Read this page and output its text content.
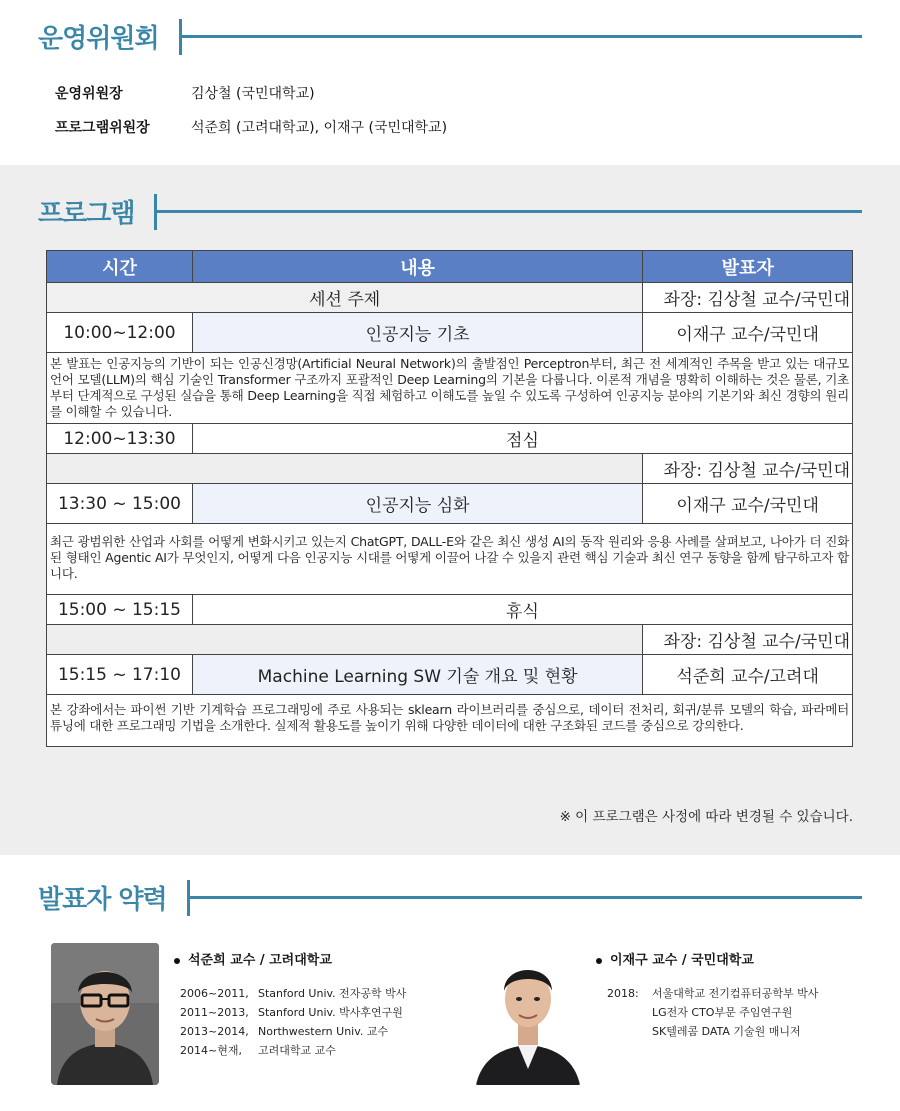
운영위원회
운영위원장	김상철 (국민대학교)
프로그램위원장	석준희 (고려대학교), 이재구 (국민대학교)
프로그램
시간	내용	발표자
세션 주제		좌장: 김상철 교수/국민대
10:00~12:00	인공지능 기초	이재구 교수/국민대
본 발표는 인공지능의 기반이 되는 인공신경망(Artificial Neural Network)의 출발점인 Perceptron부터, 최근 전 세계적인 주목을 받고 있는 대규모 언어 모델(LLM)의 핵심 기술인 Transformer 구조까지 포괄적인 Deep Learning의 기본을 다룹니다. 이론적 개념을 명확히 이해하는 것은 물론, 기초부터 단계적으로 구성된 실습을 통해 Deep Learning을 직접 체험하고 이해도를 높일 수 있도록 구성하여 인공지능 분야의 기본기와 최신 경향의 원리를 이해할 수 있습니다.		
12:00~13:30	점심	
		좌장: 김상철 교수/국민대
13:30 ~ 15:00	인공지능 심화	이재구 교수/국민대
최근 광범위한 산업과 사회를 어떻게 변화시키고 있는지 ChatGPT, DALL-E와 같은 최신 생성 AI의 동작 원리와 응용 사례를 살펴보고, 나아가 더 진화된 형태인 Agentic AI가 무엇인지, 어떻게 다음 인공지능 시대를 어떻게 이끌어 나갈 수 있을지 관련 핵심 기술과 최신 연구 동향을 함께 탐구하고자 합니다.		
15:00 ~ 15:15	휴식	
		좌장: 김상철 교수/국민대
15:15 ~ 17:10	Machine Learning SW 기술 개요 및 현황	석준희 교수/고려대
본 강좌에서는 파이썬 기반 기계학습 프로그래밍에 주로 사용되는 sklearn 라이브러리를 중심으로, 데이터 전처리, 회귀/분류 모델의 학습, 파라메터 튜닝에 대한 프로그래밍 기법을 소개한다. 실제적 활용도를 높이기 위해 다양한 데이터에 대한 구조화된 코드를 중심으로 강의한다.		
※ 이 프로그램은 사정에 따라 변경될 수 있습니다.
발표자 약력
석준희 교수 / 고려대학교
2006~2011, Stanford Univ. 전자공학 박사
2011~2013, Stanford Univ. 박사후연구원
2013~2014, Northwestern Univ. 교수
2014~현재, 고려대학교 교수
이재구 교수 / 국민대학교
2018: 서울대학교 전기컴퓨터공학부 박사
LG전자 CTO부문 주임연구원
SK텔레콤 DATA 기술원 매니저
